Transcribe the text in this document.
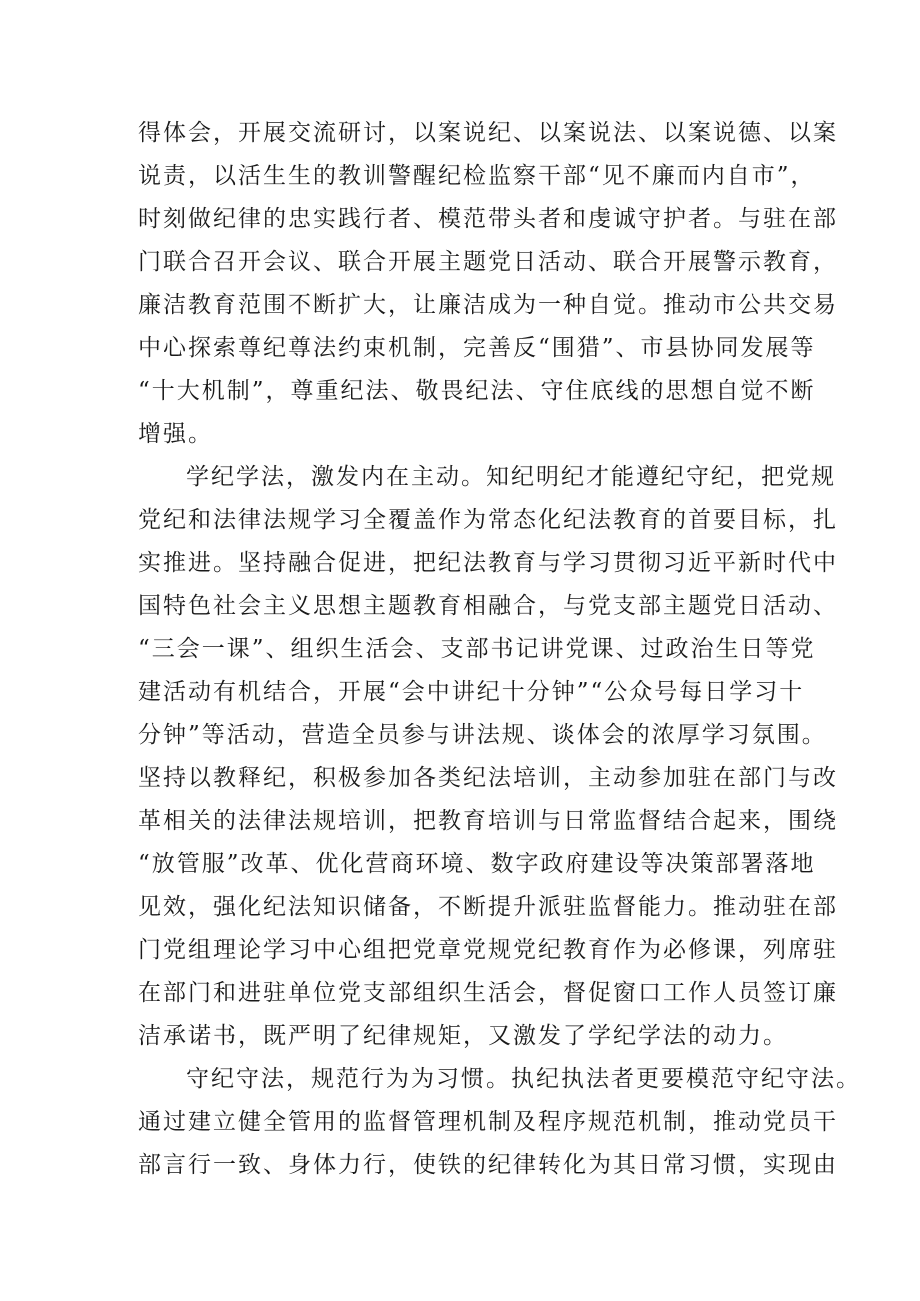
得体会，开展交流研讨，以案说纪、以案说法、以案说德、以案
说责，以活生生的教训警醒纪检监察干部“见不廉而内自市”，
时刻做纪律的忠实践行者、模范带头者和虔诚守护者。与驻在部
门联合召开会议、联合开展主题党日活动、联合开展警示教育，
廉洁教育范围不断扩大，让廉洁成为一种自觉。推动市公共交易
中心探索尊纪尊法约束机制，完善反“围猎”、市县协同发展等
“十大机制”，尊重纪法、敬畏纪法、守住底线的思想自觉不断
增强。
学纪学法，激发内在主动。知纪明纪才能遵纪守纪，把党规
党纪和法律法规学习全覆盖作为常态化纪法教育的首要目标，扎
实推进。坚持融合促进，把纪法教育与学习贯彻习近平新时代中
国特色社会主义思想主题教育相融合，与党支部主题党日活动、
“三会一课”、组织生活会、支部书记讲党课、过政治生日等党
建活动有机结合，开展“会中讲纪十分钟”“公众号每日学习十
分钟”等活动，营造全员参与讲法规、谈体会的浓厚学习氛围。
坚持以教释纪，积极参加各类纪法培训，主动参加驻在部门与改
革相关的法律法规培训，把教育培训与日常监督结合起来，围绕
“放管服”改革、优化营商环境、数字政府建设等决策部署落地
见效，强化纪法知识储备，不断提升派驻监督能力。推动驻在部
门党组理论学习中心组把党章党规党纪教育作为必修课，列席驻
在部门和进驻单位党支部组织生活会，督促窗口工作人员签订廉
洁承诺书，既严明了纪律规矩，又激发了学纪学法的动力。
守纪守法，规范行为为习惯。执纪执法者更要模范守纪守法。
通过建立健全管用的监督管理机制及程序规范机制，推动党员干
部言行一致、身体力行，使铁的纪律转化为其日常习惯，实现由
